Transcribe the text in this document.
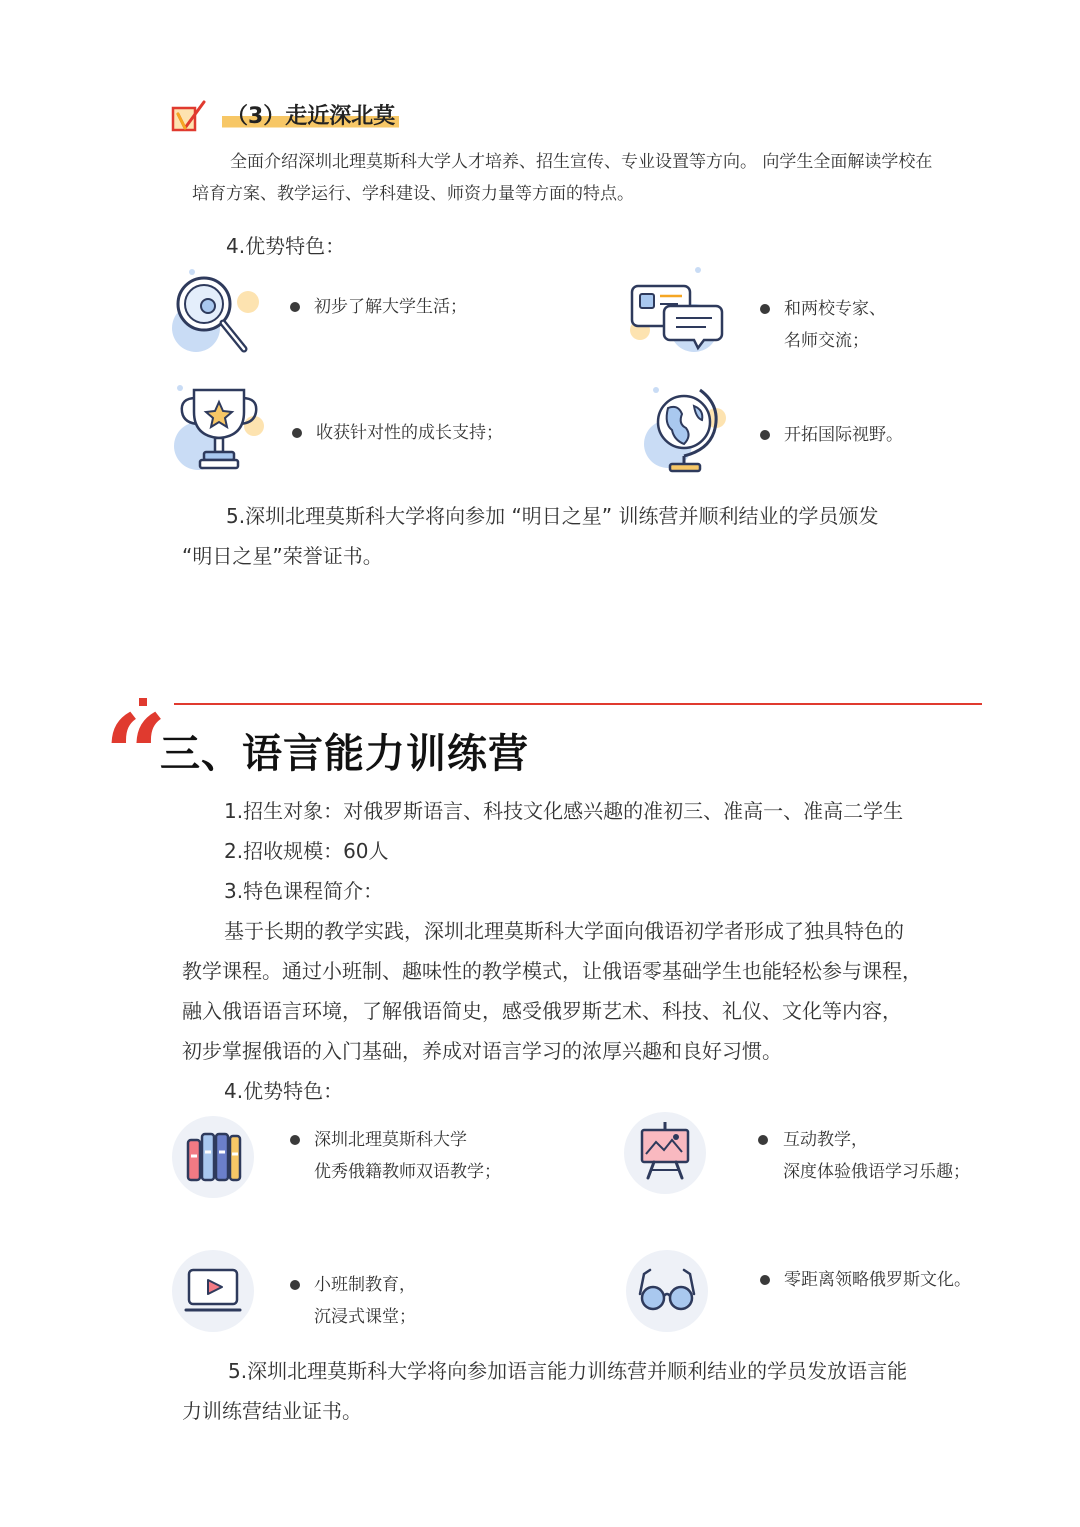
（3）走近深北莫
全面介绍深圳北理莫斯科大学人才培养、招生宣传、专业设置等方向。 向学生全面解读学校在
培育方案、教学运行、学科建设、师资力量等方面的特点。
4.优势特色：
初步了解大学生活；	和两校专家、
名师交流；
收获针对性的成长支持；	开拓国际视野。
5.深圳北理莫斯科大学将向参加 “明日之星” 训练营并顺利结业的学员颁发
“明日之星”荣誉证书。
“
三、语言能力训练营
1.招生对象：对俄罗斯语言、科技文化感兴趣的准初三、准高一、准高二学生
2.招收规模：60人
3.特色课程简介：
基于长期的教学实践，深圳北理莫斯科大学面向俄语初学者形成了独具特色的
教学课程。通过小班制、趣味性的教学模式，让俄语零基础学生也能轻松参与课程，
融入俄语语言环境，了解俄语简史，感受俄罗斯艺术、科技、礼仪、文化等内容，
初步掌握俄语的入门基础，养成对语言学习的浓厚兴趣和良好习惯。
4.优势特色：
深圳北理莫斯科大学
优秀俄籍教师双语教学；
互动教学，
深度体验俄语学习乐趣；
小班制教育，
沉浸式课堂；
零距离领略俄罗斯文化。
5.深圳北理莫斯科大学将向参加语言能力训练营并顺利结业的学员发放语言能
力训练营结业证书。
